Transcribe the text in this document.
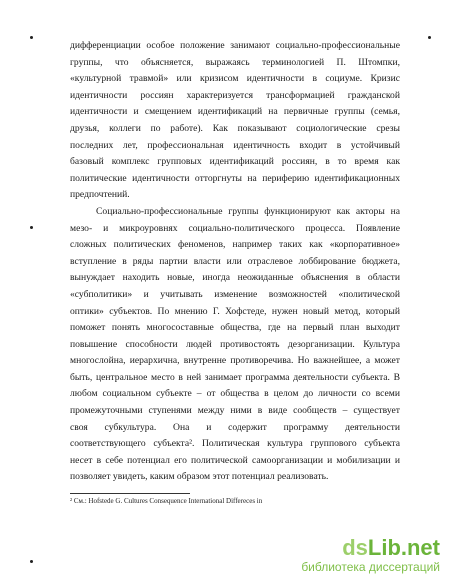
дифференциации особое положение занимают социально-профессиональные
группы, что объясняется, выражаясь терминологией П. Штомпки,
«культурной травмой» или кризисом идентичности в социуме. Кризис
идентичности россиян характеризуется трансформацией гражданской
идентичности и смещением идентификаций на первичные группы (семья,
друзья, коллеги по работе). Как показывают социологические срезы
последних лет, профессиональная идентичность входит в устойчивый
базовый комплекс групповых идентификаций россиян, в то время как
политические идентичности отторгнуты на периферию идентификационных
предпочтений.
Социально-профессиональные группы функционируют как акторы на
мезо- и микроуровнях социально-политического процесса. Появление
сложных политических феноменов, например таких как «корпоративное»
вступление в ряды партии власти или отраслевое лоббирование бюджета,
вынуждает находить новые, иногда неожиданные объяснения в области
«субполитики» и учитывать изменение возможностей «политической
оптики» субъектов. По мнению Г. Хофстеде, нужен новый метод, который
поможет понять многосоставные общества, где на первый план выходит
повышение способности людей противостоять дезорганизации. Культура
многослойна, иерархична, внутренне противоречива. Но важнейшее, а может
быть, центральное место в ней занимает программа деятельности субъекта. В
любом социальном субъекте – от общества в целом до личности со всеми
промежуточными ступенями между ними в виде сообществ – существует
своя субкультура. Она и содержит программу деятельности
соответствующего субъекта². Политическая культура группового субъекта
несет в себе потенциал его политической самоорганизации и мобилизации и
позволяет увидеть, каким образом этот потенциал реализовать.
² См.: Hofstede G. Cultures Consequence International Differeces in
dsLib.net
библиотека диссертаций
